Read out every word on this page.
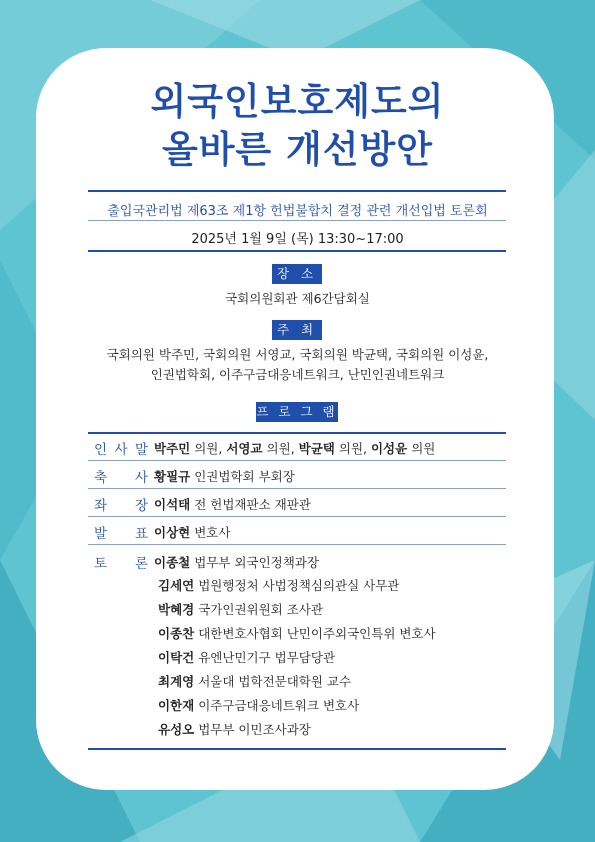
외국인보호제도의
올바른 개선방안
출입국관리법 제63조 제1항 헌법불합치 결정 관련 개선입법 토론회
2025년 1월 9일 (목) 13:30~17:00
장 소
국회의원회관 제6간담회실
주 최
국회의원 박주민, 국회의원 서영교, 국회의원 박균택, 국회의원 이성윤,
인권법학회, 이주구금대응네트워크, 난민인권네트워크
프 로 그 램
인 사 말 박주민 의원, 서영교 의원, 박균택 의원, 이성윤 의원
축 사 황필규 인권법학회 부회장
좌 장 이석태 전 헌법재판소 재판관
발 표 이상현 변호사
토 론 이종철 법무부 외국인정책과장
김세연 법원행정처 사법정책심의관실 사무관
박혜경 국가인권위원회 조사관
이종찬 대한변호사협회 난민이주외국인특위 변호사
이탁건 유엔난민기구 법무담당관
최계영 서울대 법학전문대학원 교수
이한재 이주구금대응네트워크 변호사
유성오 법무부 이민조사과장
